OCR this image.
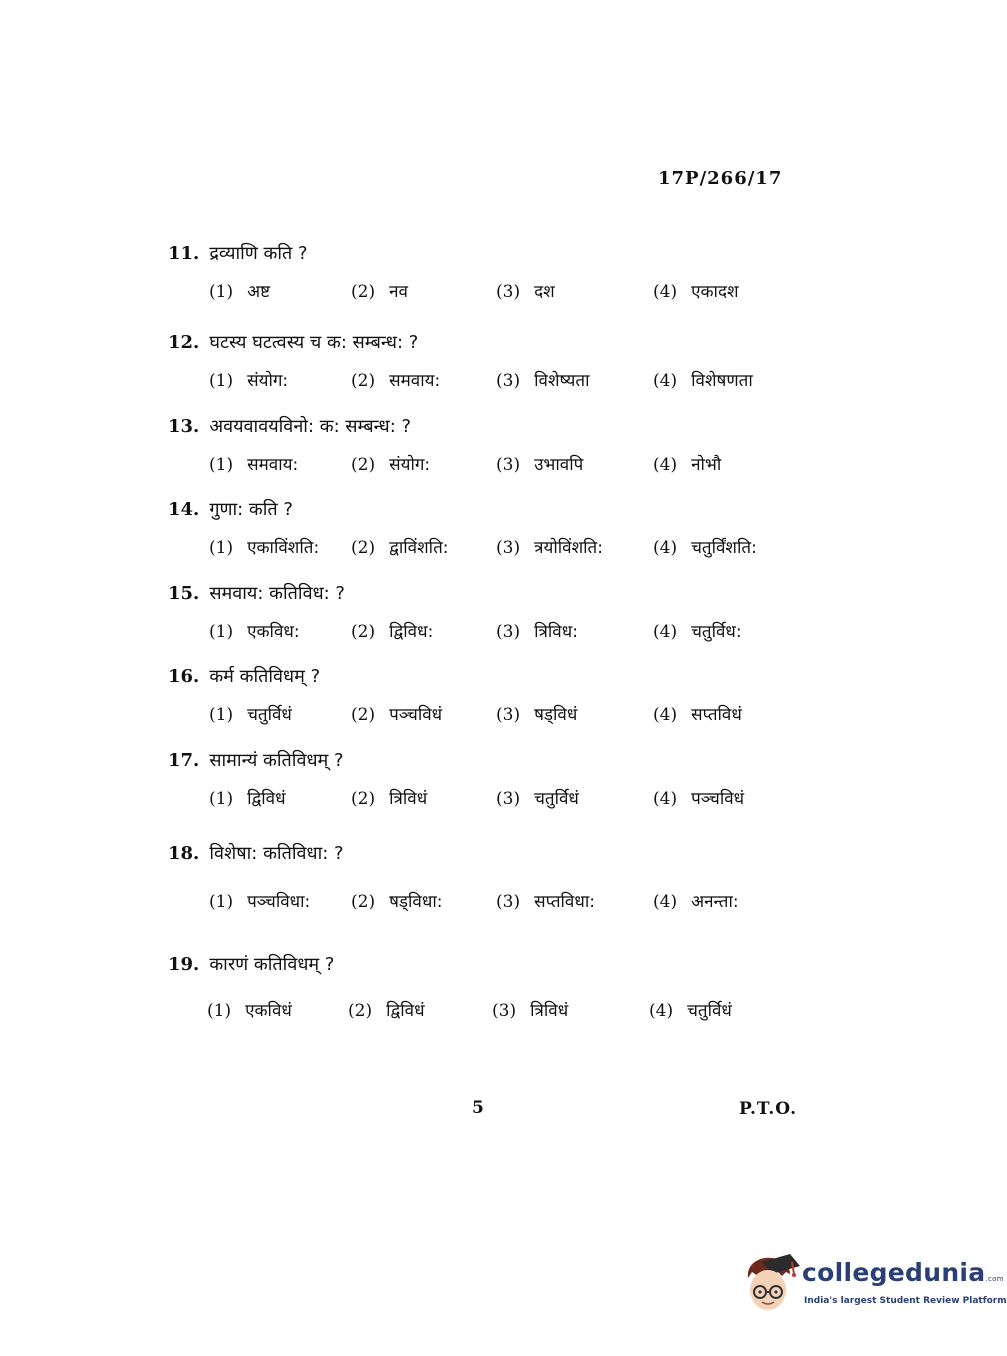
17P/266/17
11. द्रव्याणि कति ?
(1) अष्ट	(2) नव	(3) दश	(4) एकादश
12. घटस्य घटत्वस्य च क: सम्बन्ध: ?
(1) संयोग:	(2) समवाय:	(3) विशेष्यता	(4) विशेषणता
13. अवयवावयविनो: क: सम्बन्ध: ?
(1) समवाय:	(2) संयोग:	(3) उभावपि	(4) नोभौ
14. गुणा: कति ?
(1) एकाविंशति: (2) द्वाविंशति:	(3) त्रयोविंशति:	(4) चतुर्विंशति:
15. समवाय: कतिविध: ?
(1) एकविध:	(2) द्विविध:	(3) त्रिविध:	(4) चतुर्विध:
16. कर्म कतिविधम् ?
(1) चतुर्विधं	(2) पञ्चविधं	(3) षड्विधं	(4) सप्तविधं
17. सामान्यं कतिविधम् ?
(1) द्विविधं	(2) त्रिविधं	(3) चतुर्विधं	(4) पञ्चविधं
18. विशेषा: कतिविधा: ?
(1) पञ्चविधा: (2) षड्विधा:	(3) सप्तविधा:	(4) अनन्ता:
19. कारणं कतिविधम् ?
(1) एकविधं	(2) द्विविधं	(3) त्रिविधं	(4) चतुर्विधं
5	P.T.O.
collegedunia.com
India's largest Student Review Platform
